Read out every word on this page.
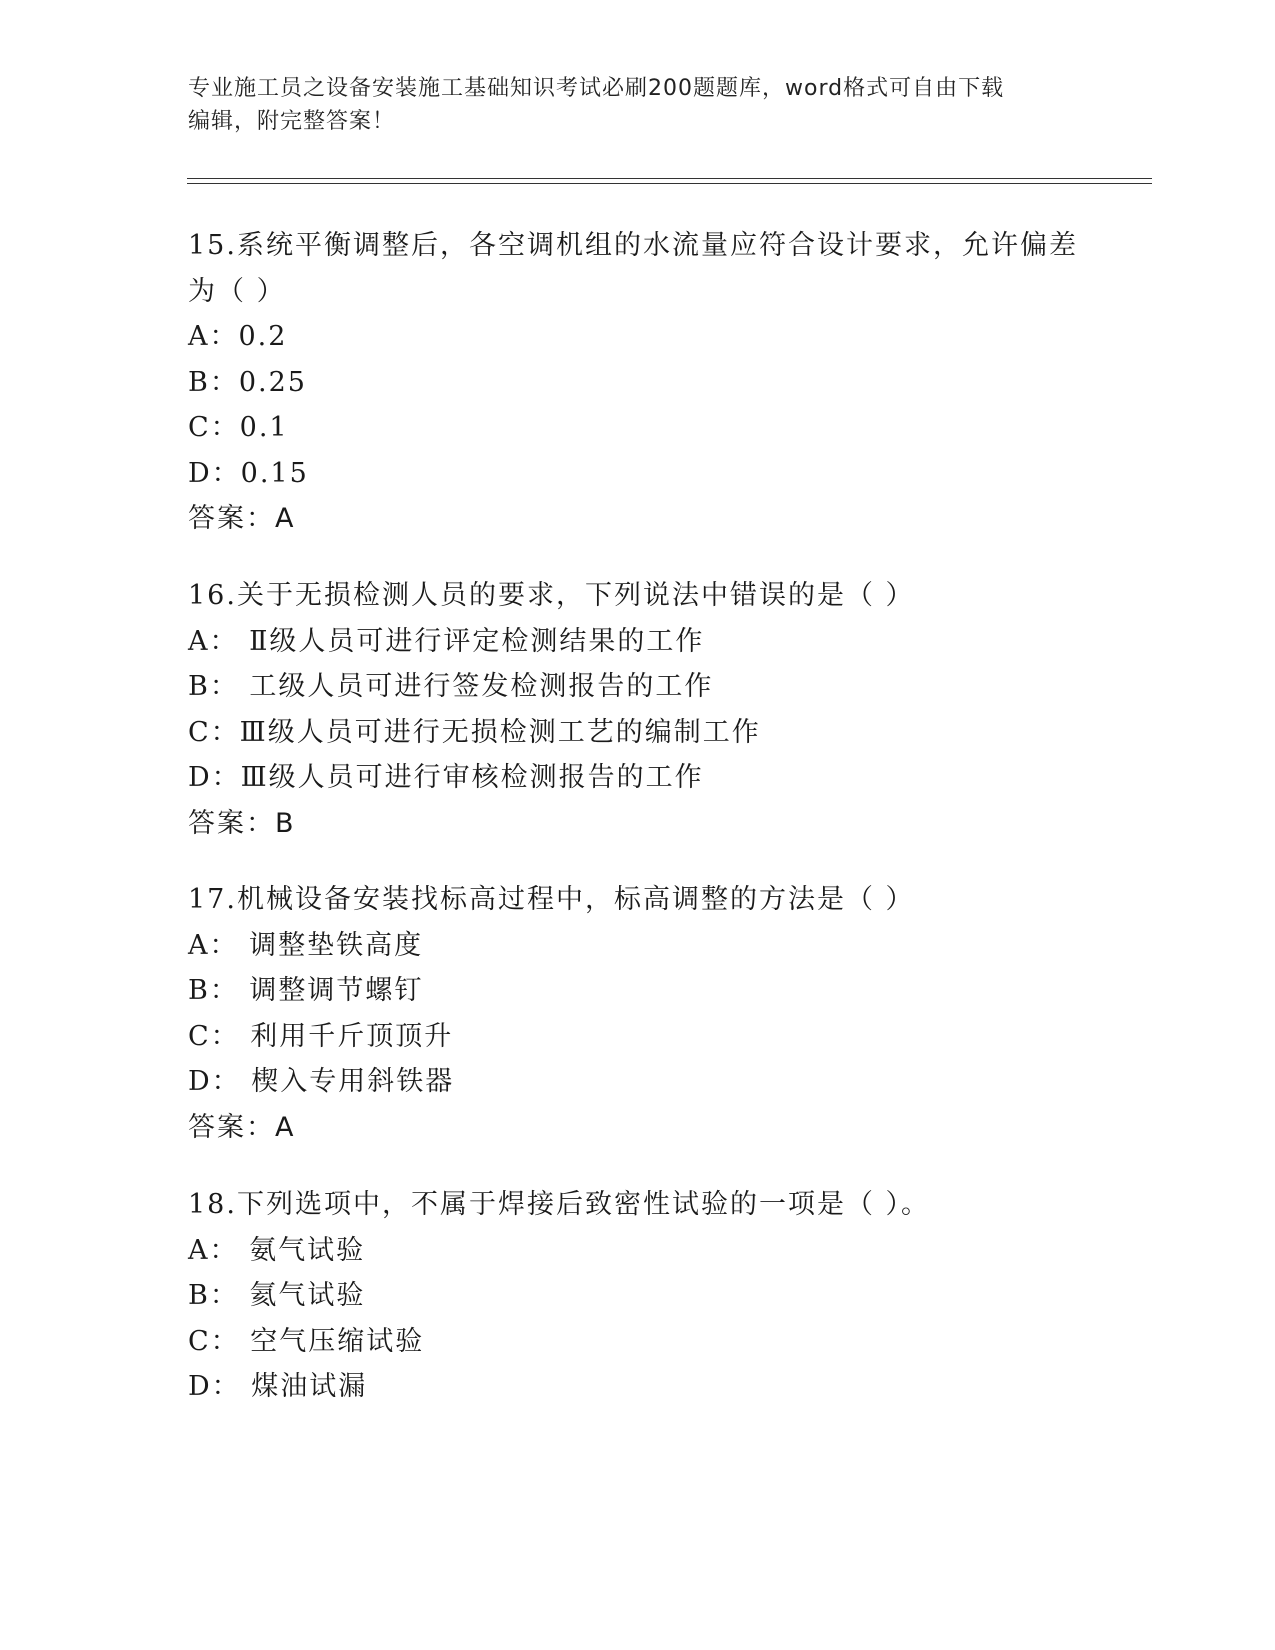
专业施工员之设备安装施工基础知识考试必刷200题题库，word格式可自由下载
编辑，附完整答案！
15.系统平衡调整后，各空调机组的水流量应符合设计要求，允许偏差
为（ ）
A：0.2
B：0.25
C：0.1
D：0.15
答案：A
16.关于无损检测人员的要求，下列说法中错误的是（ ）
A： Ⅱ级人员可进行评定检测结果的工作
B： 工级人员可进行签发检测报告的工作
C：Ⅲ级人员可进行无损检测工艺的编制工作
D：Ⅲ级人员可进行审核检测报告的工作
答案：B
17.机械设备安装找标高过程中，标高调整的方法是（ ）
A： 调整垫铁高度
B： 调整调节螺钉
C： 利用千斤顶顶升
D： 楔入专用斜铁器
答案：A
18.下列选项中，不属于焊接后致密性试验的一项是（ ）。
A： 氨气试验
B： 氦气试验
C： 空气压缩试验
D： 煤油试漏
